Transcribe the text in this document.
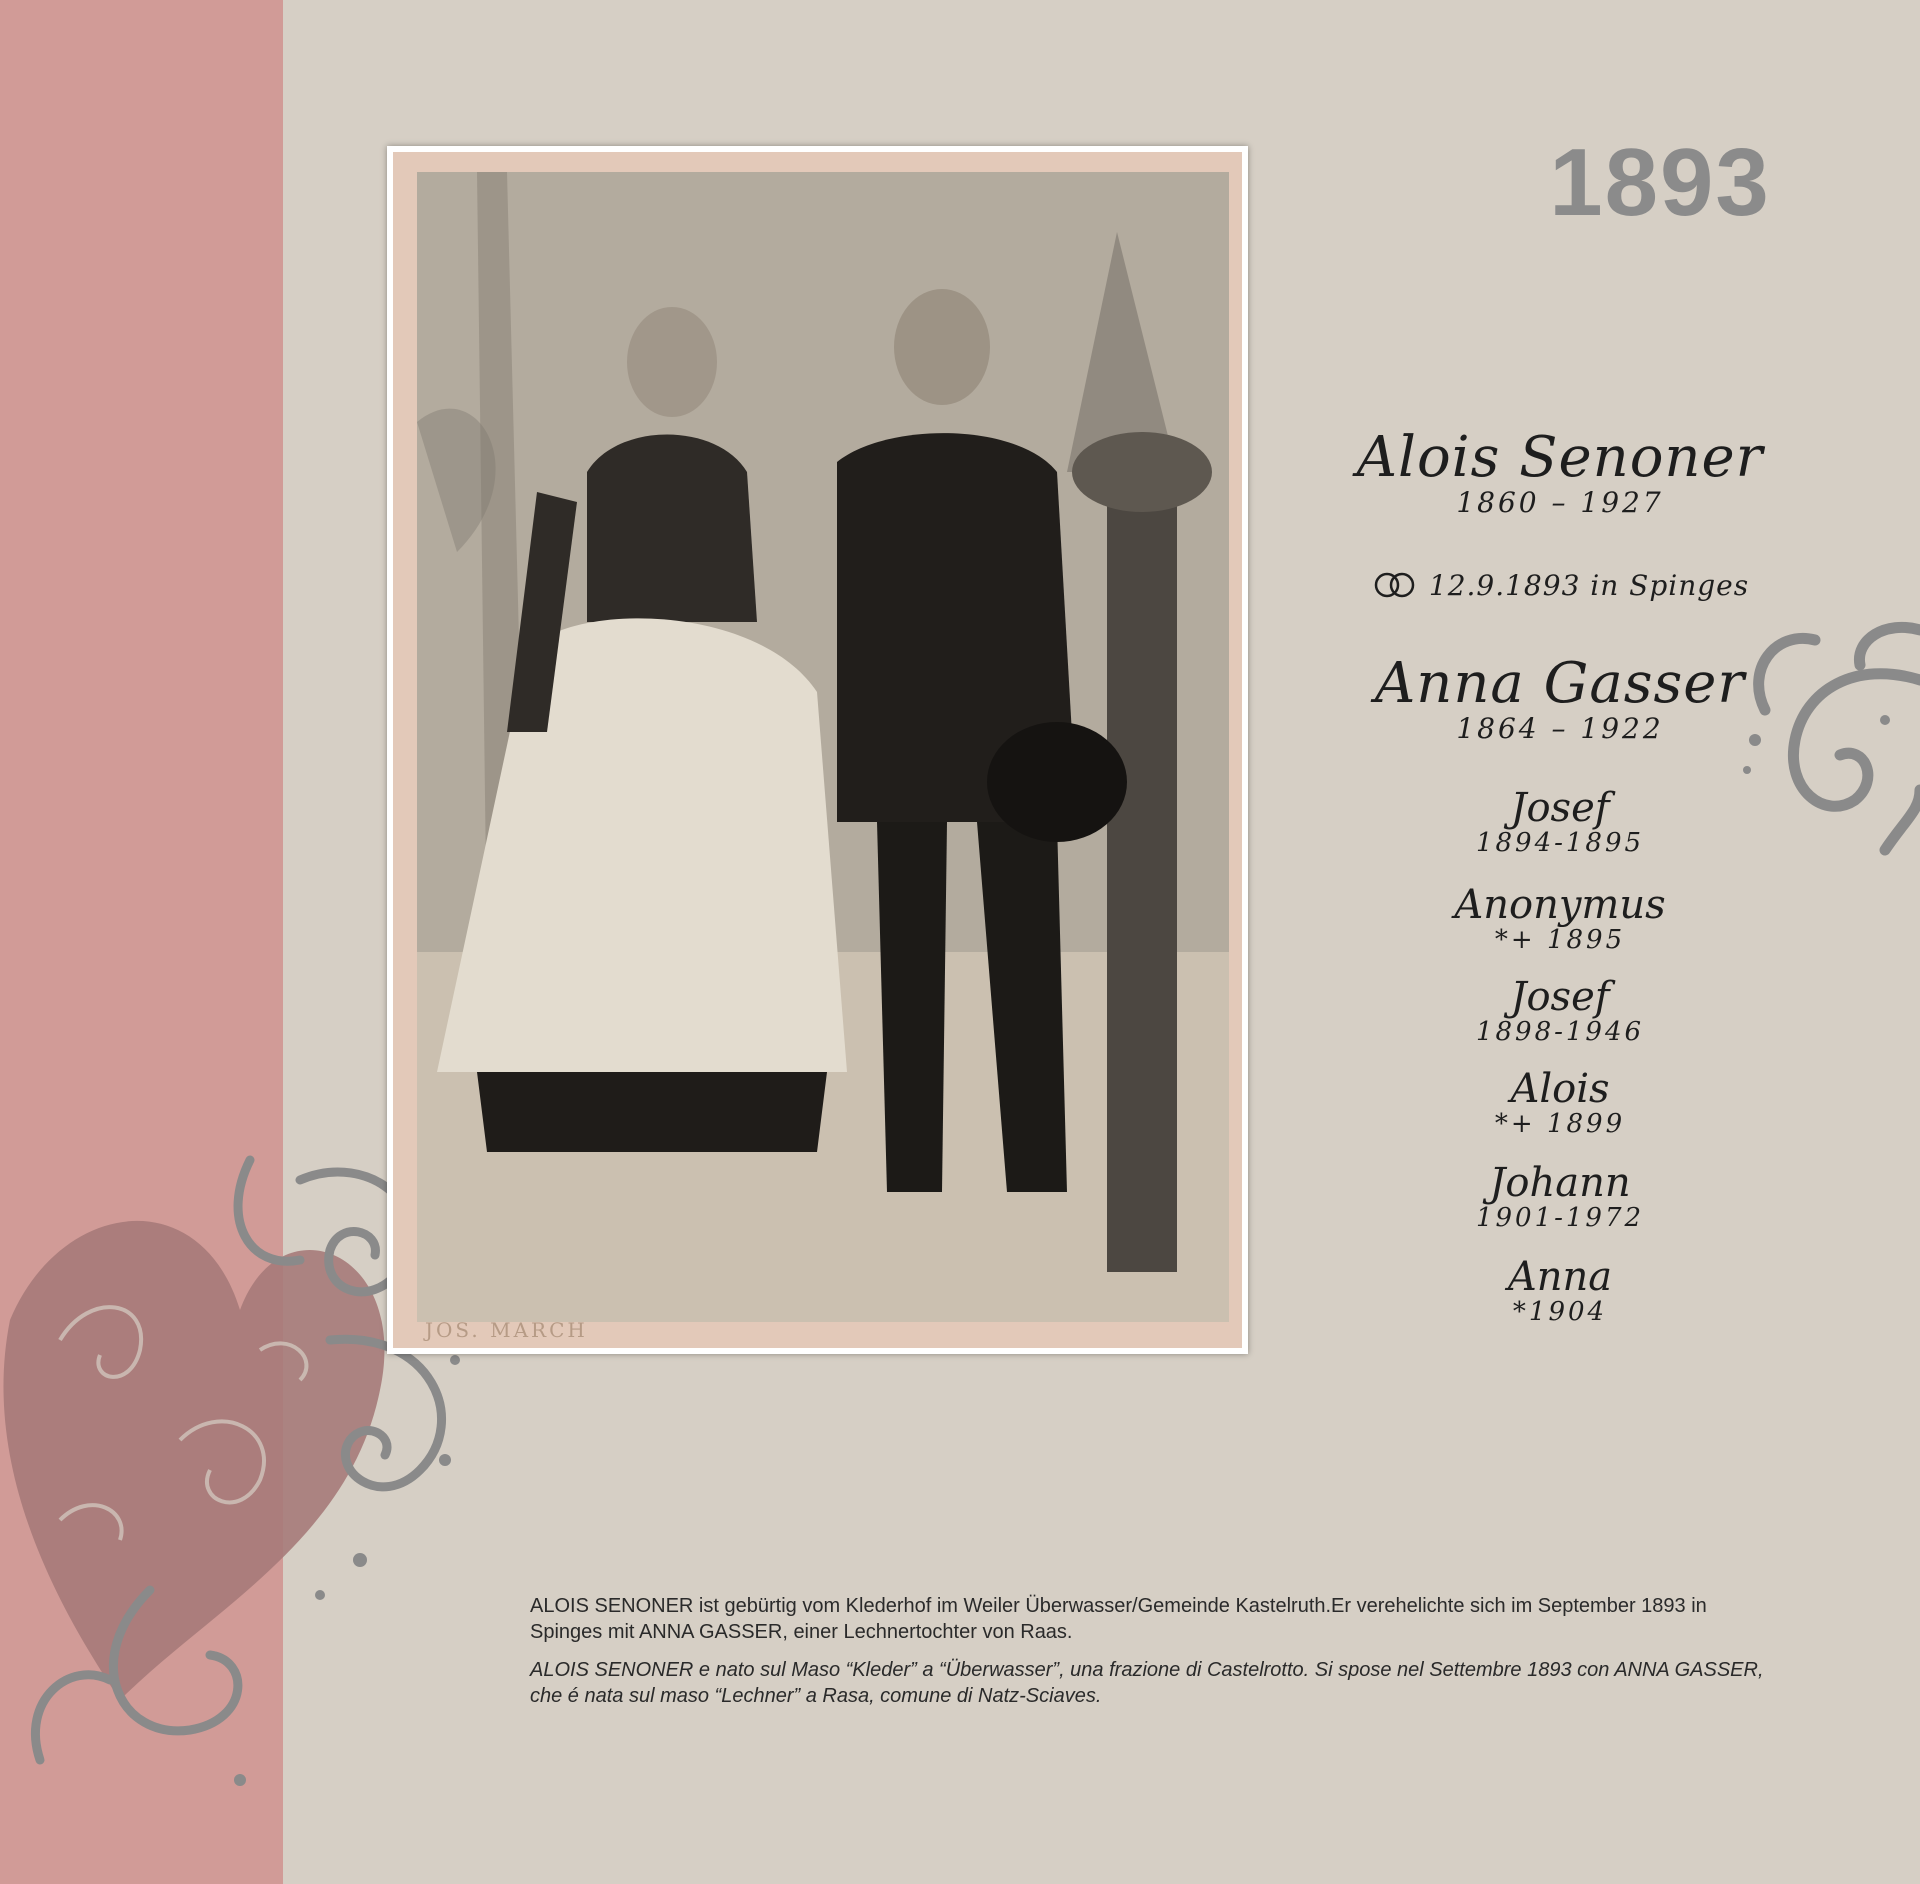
1893
JOS. MARCH
Alois Senoner
1860 – 1927
12.9.1893 in Spinges
Anna Gasser
1864 – 1922
Josef
1894-1895
Anonymus
*+ 1895
Josef
1898-1946
Alois
*+ 1899
Johann
1901-1972
Anna
*1904

ALOIS SENONER ist gebürtig vom Klederhof im Weiler Überwasser/Gemeinde Kastelruth.Er verehelichte sich im September 1893 in Spinges mit ANNA GASSER, einer Lechnertochter von Raas.

ALOIS SENONER e nato sul Maso “Kleder” a “Überwasser”, una frazione di Castelrotto. Si spose nel Settembre 1893 con ANNA GASSER, che é nata sul maso “Lechner” a Rasa, comune di Natz-Sciaves.
